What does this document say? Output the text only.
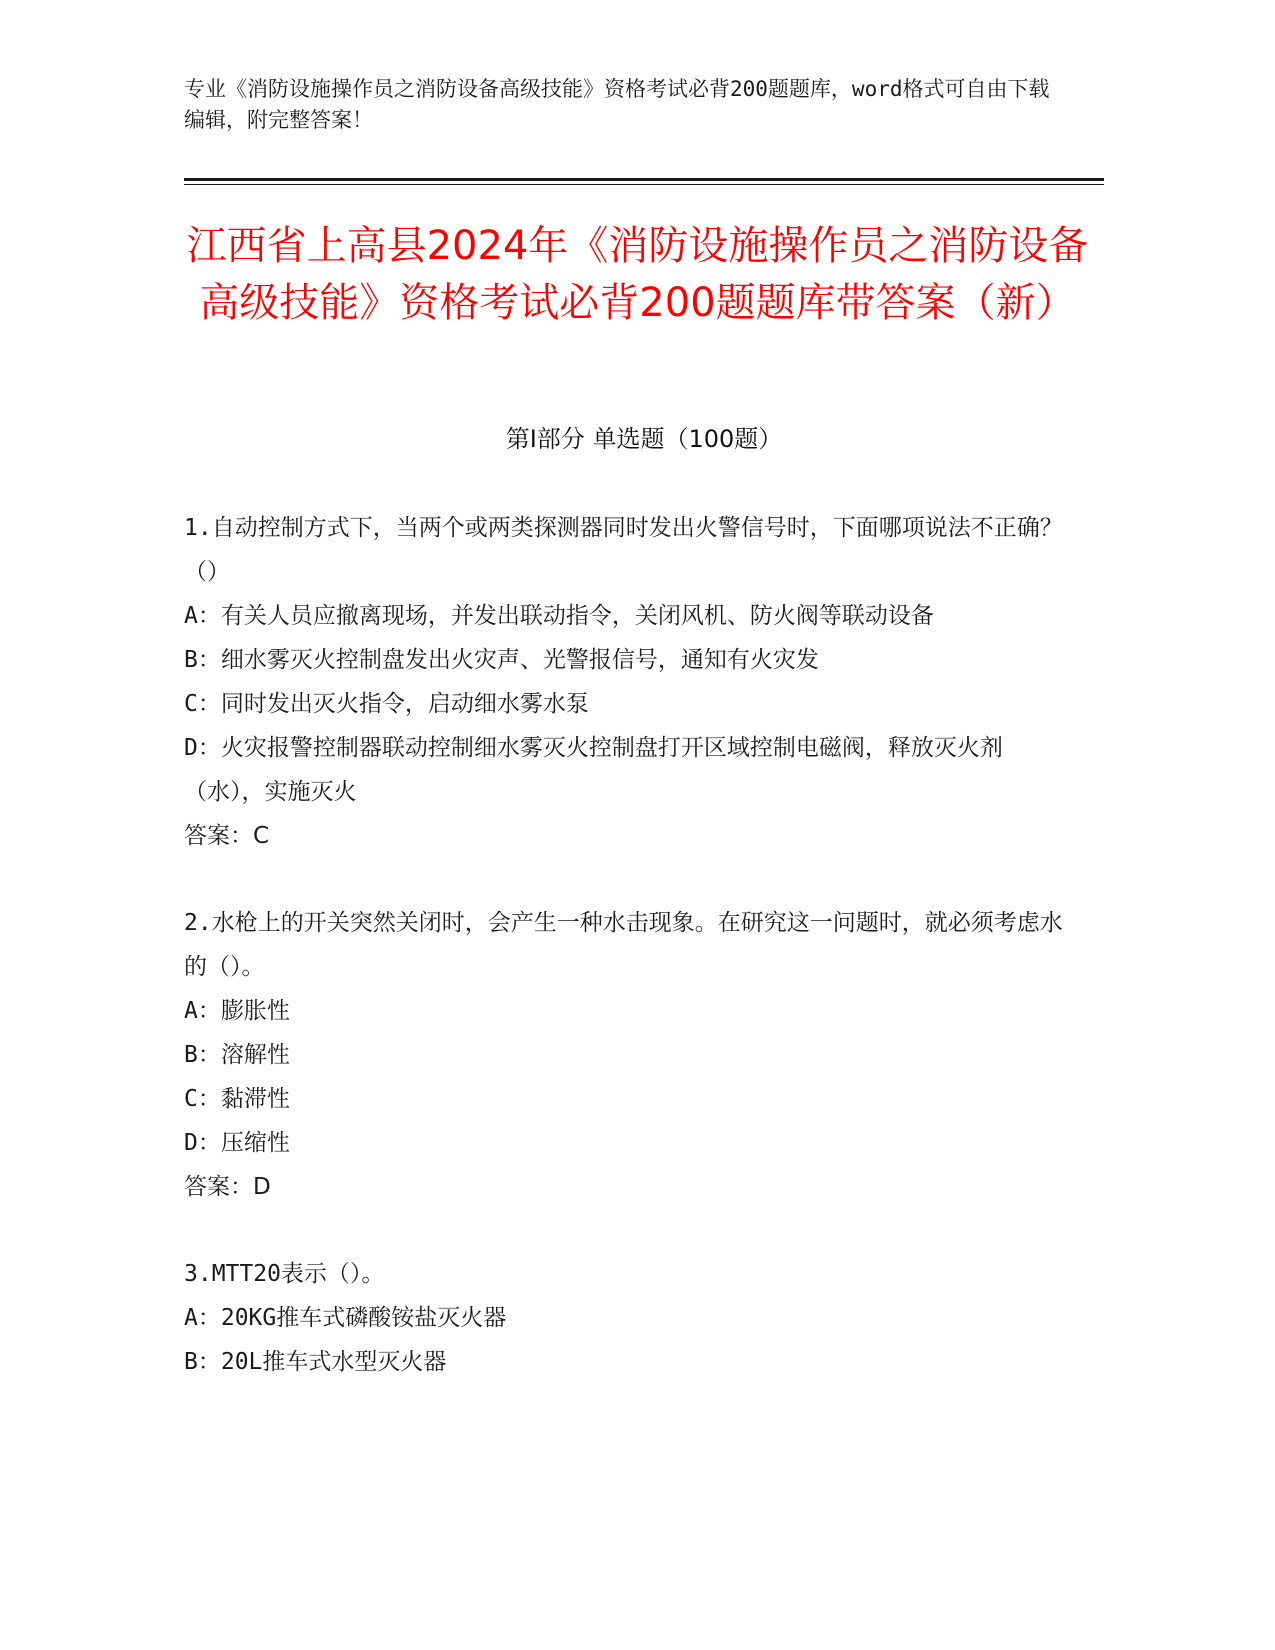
专业《消防设施操作员之消防设备高级技能》资格考试必背200题题库，word格式可自由下载编辑，附完整答案！
江西省上高县2024年《消防设施操作员之消防设备高级技能》资格考试必背200题题库带答案（新）
第Ⅰ部分 单选题（100题）

1.自动控制方式下，当两个或两类探测器同时发出火警信号时，下面哪项说法不正确？（）

A：有关人员应撤离现场，并发出联动指令，关闭风机、防火阀等联动设备

B：细水雾灭火控制盘发出火灾声、光警报信号，通知有火灾发

C：同时发出灭火指令，启动细水雾水泵

D：火灾报警控制器联动控制细水雾灭火控制盘打开区域控制电磁阀，释放灭火剂（水），实施灭火

答案：C

2.水枪上的开关突然关闭时，会产生一种水击现象。在研究这一问题时，就必须考虑水的（）。

A：膨胀性

B：溶解性

C：黏滞性

D：压缩性

答案：D

3.MTT20表示（）。

A：20KG推车式磷酸铵盐灭火器

B：20L推车式水型灭火器
